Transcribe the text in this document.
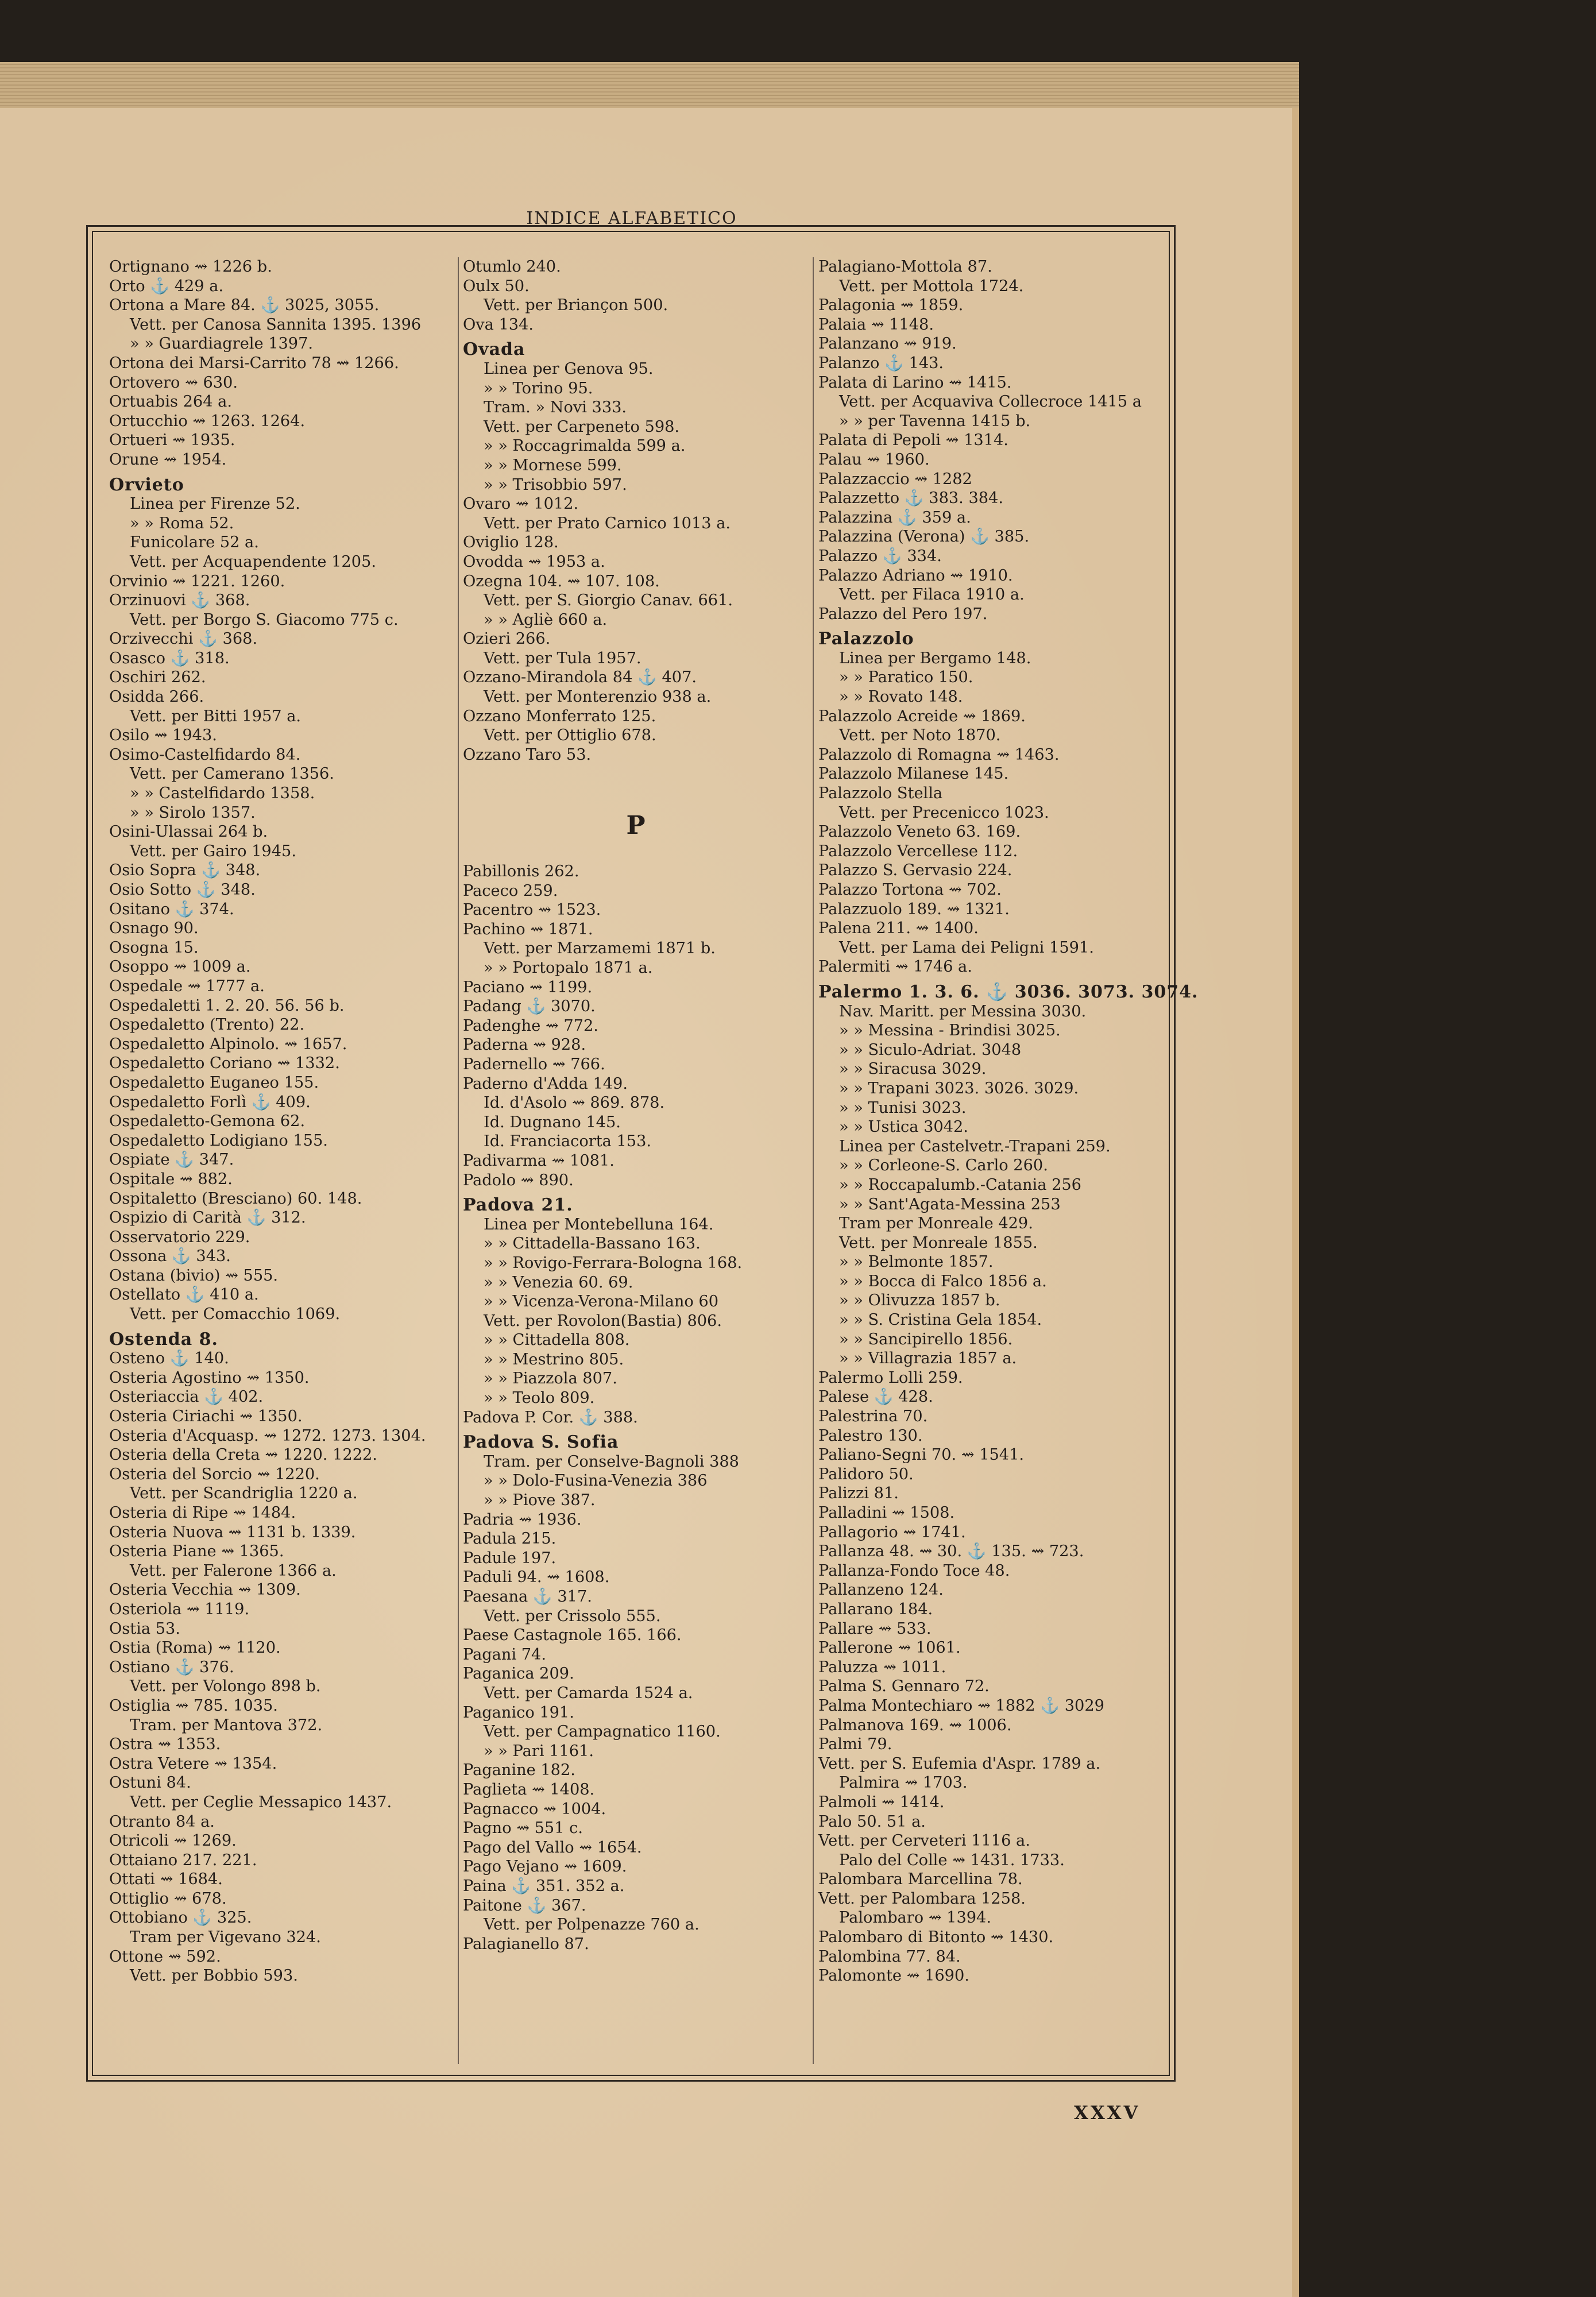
INDICE ALFABETICO
Ortignano ⇝ 1226 b.
Orto ⚓ 429 a.
Ortona a Mare 84. ⚓ 3025, 3055.
Vett. per Canosa Sannita 1395. 1396
» » Guardiagrele 1397.
Ortona dei Marsi-Carrito 78 ⇝ 1266.
Ortovero ⇝ 630.
Ortuabis 264 a.
Ortucchio ⇝ 1263. 1264.
Ortueri ⇝ 1935.
Orune ⇝ 1954.
Orvieto
Linea per Firenze 52.
» » Roma 52.
Funicolare 52 a.
Vett. per Acquapendente 1205.
Orvinio ⇝ 1221. 1260.
Orzinuovi ⚓ 368.
Vett. per Borgo S. Giacomo 775 c.
Orzivecchi ⚓ 368.
Osasco ⚓ 318.
Oschiri 262.
Osidda 266.
Vett. per Bitti 1957 a.
Osilo ⇝ 1943.
Osimo-Castelfidardo 84.
Vett. per Camerano 1356.
» » Castelfidardo 1358.
» » Sirolo 1357.
Osini-Ulassai 264 b.
Vett. per Gairo 1945.
Osio Sopra ⚓ 348.
Osio Sotto ⚓ 348.
Ositano ⚓ 374.
Osnago 90.
Osogna 15.
Osoppo ⇝ 1009 a.
Ospedale ⇝ 1777 a.
Ospedaletti 1. 2. 20. 56. 56 b.
Ospedaletto (Trento) 22.
Ospedaletto Alpinolo. ⇝ 1657.
Ospedaletto Coriano ⇝ 1332.
Ospedaletto Euganeo 155.
Ospedaletto Forlì ⚓ 409.
Ospedaletto-Gemona 62.
Ospedaletto Lodigiano 155.
Ospiate ⚓ 347.
Ospitale ⇝ 882.
Ospitaletto (Bresciano) 60. 148.
Ospizio di Carità ⚓ 312.
Osservatorio 229.
Ossona ⚓ 343.
Ostana (bivio) ⇝ 555.
Ostellato ⚓ 410 a.
Vett. per Comacchio 1069.
Ostenda 8.
Osteno ⚓ 140.
Osteria Agostino ⇝ 1350.
Osteriaccia ⚓ 402.
Osteria Ciriachi ⇝ 1350.
Osteria d'Acquasp. ⇝ 1272. 1273. 1304.
Osteria della Creta ⇝ 1220. 1222.
Osteria del Sorcio ⇝ 1220.
Vett. per Scandriglia 1220 a.
Osteria di Ripe ⇝ 1484.
Osteria Nuova ⇝ 1131 b. 1339.
Osteria Piane ⇝ 1365.
Vett. per Falerone 1366 a.
Osteria Vecchia ⇝ 1309.
Osteriola ⇝ 1119.
Ostia 53.
Ostia (Roma) ⇝ 1120.
Ostiano ⚓ 376.
Vett. per Volongo 898 b.
Ostiglia ⇝ 785. 1035.
Tram. per Mantova 372.
Ostra ⇝ 1353.
Ostra Vetere ⇝ 1354.
Ostuni 84.
Vett. per Ceglie Messapico 1437.
Otranto 84 a.
Otricoli ⇝ 1269.
Ottaiano 217. 221.
Ottati ⇝ 1684.
Ottiglio ⇝ 678.
Ottobiano ⚓ 325.
Tram per Vigevano 324.
Ottone ⇝ 592.
Vett. per Bobbio 593.
Otumlo 240.
Oulx 50.
Vett. per Briançon 500.
Ova 134.
Ovada
Linea per Genova 95.
» » Torino 95.
Tram. » Novi 333.
Vett. per Carpeneto 598.
» » Roccagrimalda 599 a.
» » Mornese 599.
» » Trisobbio 597.
Ovaro ⇝ 1012.
Vett. per Prato Carnico 1013 a.
Oviglio 128.
Ovodda ⇝ 1953 a.
Ozegna 104. ⇝ 107. 108.
Vett. per S. Giorgio Canav. 661.
» » Agliè 660 a.
Ozieri 266.
Vett. per Tula 1957.
Ozzano-Mirandola 84 ⚓ 407.
Vett. per Monterenzio 938 a.
Ozzano Monferrato 125.
Vett. per Ottiglio 678.
Ozzano Taro 53.
P
Pabillonis 262.
Paceco 259.
Pacentro ⇝ 1523.
Pachino ⇝ 1871.
Vett. per Marzamemi 1871 b.
» » Portopalo 1871 a.
Paciano ⇝ 1199.
Padang ⚓ 3070.
Padenghe ⇝ 772.
Paderna ⇝ 928.
Padernello ⇝ 766.
Paderno d'Adda 149.
Id. d'Asolo ⇝ 869. 878.
Id. Dugnano 145.
Id. Franciacorta 153.
Padivarma ⇝ 1081.
Padolo ⇝ 890.
Padova 21.
Linea per Montebelluna 164.
» » Cittadella-Bassano 163.
» » Rovigo-Ferrara-Bologna 168.
» » Venezia 60. 69.
» » Vicenza-Verona-Milano 60
Vett. per Rovolon(Bastia) 806.
» » Cittadella 808.
» » Mestrino 805.
» » Piazzola 807.
» » Teolo 809.
Padova P. Cor. ⚓ 388.
Padova S. Sofia
Tram. per Conselve-Bagnoli 388
» » Dolo-Fusina-Venezia 386
» » Piove 387.
Padria ⇝ 1936.
Padula 215.
Padule 197.
Paduli 94. ⇝ 1608.
Paesana ⚓ 317.
Vett. per Crissolo 555.
Paese Castagnole 165. 166.
Pagani 74.
Paganica 209.
Vett. per Camarda 1524 a.
Paganico 191.
Vett. per Campagnatico 1160.
» » Pari 1161.
Paganine 182.
Paglieta ⇝ 1408.
Pagnacco ⇝ 1004.
Pagno ⇝ 551 c.
Pago del Vallo ⇝ 1654.
Pago Vejano ⇝ 1609.
Paina ⚓ 351. 352 a.
Paitone ⚓ 367.
Vett. per Polpenazze 760 a.
Palagianello 87.
Palagiano-Mottola 87.
Vett. per Mottola 1724.
Palagonia ⇝ 1859.
Palaia ⇝ 1148.
Palanzano ⇝ 919.
Palanzo ⚓ 143.
Palata di Larino ⇝ 1415.
Vett. per Acquaviva Collecroce 1415 a
» » per Tavenna 1415 b.
Palata di Pepoli ⇝ 1314.
Palau ⇝ 1960.
Palazzaccio ⇝ 1282
Palazzetto ⚓ 383. 384.
Palazzina ⚓ 359 a.
Palazzina (Verona) ⚓ 385.
Palazzo ⚓ 334.
Palazzo Adriano ⇝ 1910.
Vett. per Filaca 1910 a.
Palazzo del Pero 197.
Palazzolo
Linea per Bergamo 148.
» » Paratico 150.
» » Rovato 148.
Palazzolo Acreide ⇝ 1869.
Vett. per Noto 1870.
Palazzolo di Romagna ⇝ 1463.
Palazzolo Milanese 145.
Palazzolo Stella
Vett. per Precenicco 1023.
Palazzolo Veneto 63. 169.
Palazzolo Vercellese 112.
Palazzo S. Gervasio 224.
Palazzo Tortona ⇝ 702.
Palazzuolo 189. ⇝ 1321.
Palena 211. ⇝ 1400.
Vett. per Lama dei Peligni 1591.
Palermiti ⇝ 1746 a.
Palermo 1. 3. 6. ⚓ 3036. 3073. 3074.
Nav. Maritt. per Messina 3030.
» » Messina - Brindisi 3025.
» » Siculo-Adriat. 3048
» » Siracusa 3029.
» » Trapani 3023. 3026. 3029.
» » Tunisi 3023.
» » Ustica 3042.
Linea per Castelvetr.-Trapani 259.
» » Corleone-S. Carlo 260.
» » Roccapalumb.-Catania 256
» » Sant'Agata-Messina 253
Tram per Monreale 429.
Vett. per Monreale 1855.
» » Belmonte 1857.
» » Bocca di Falco 1856 a.
» » Olivuzza 1857 b.
» » S. Cristina Gela 1854.
» » Sancipirello 1856.
» » Villagrazia 1857 a.
Palermo Lolli 259.
Palese ⚓ 428.
Palestrina 70.
Palestro 130.
Paliano-Segni 70. ⇝ 1541.
Palidoro 50.
Palizzi 81.
Palladini ⇝ 1508.
Pallagorio ⇝ 1741.
Pallanza 48. ⇝ 30. ⚓ 135. ⇝ 723.
Pallanza-Fondo Toce 48.
Pallanzeno 124.
Pallarano 184.
Pallare ⇝ 533.
Pallerone ⇝ 1061.
Paluzza ⇝ 1011.
Palma S. Gennaro 72.
Palma Montechiaro ⇝ 1882 ⚓ 3029
Palmanova 169. ⇝ 1006.
Palmi 79.
Vett. per S. Eufemia d'Aspr. 1789 a.
Palmira ⇝ 1703.
Palmoli ⇝ 1414.
Palo 50. 51 a.
Vett. per Cerveteri 1116 a.
Palo del Colle ⇝ 1431. 1733.
Palombara Marcellina 78.
Vett. per Palombara 1258.
Palombaro ⇝ 1394.
Palombaro di Bitonto ⇝ 1430.
Palombina 77. 84.
Palomonte ⇝ 1690.
XXXV
